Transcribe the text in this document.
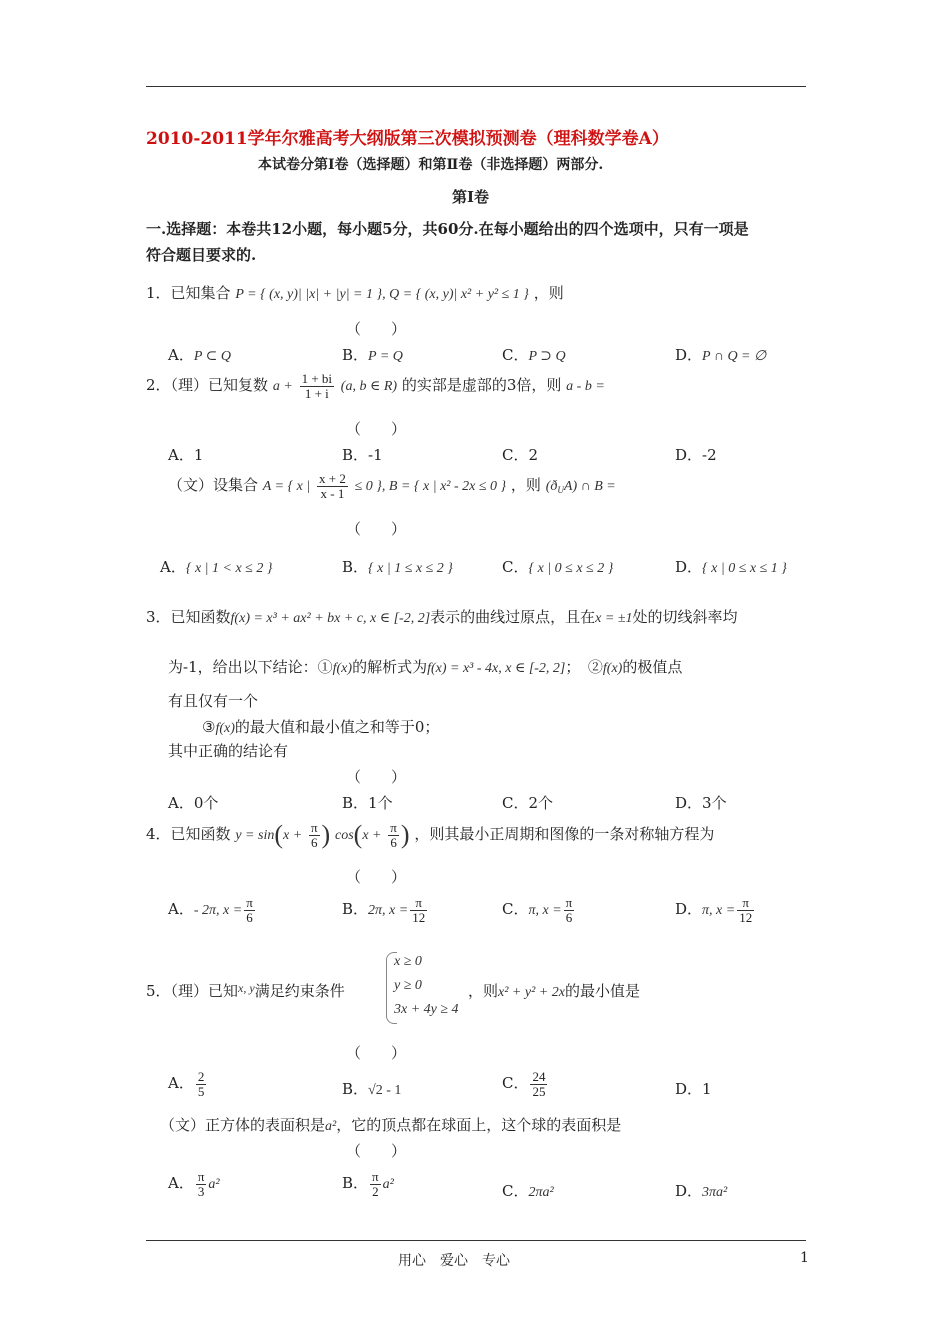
2010-2011学年尔雅高考大纲版第三次模拟预测卷（理科数学卷A）
本试卷分第Ⅰ卷（选择题）和第Ⅱ卷（非选择题）两部分.
第Ⅰ卷
一.选择题：本卷共12小题，每小题5分，共60分.在每小题给出的四个选项中，只有一项是
符合题目要求的.
1．已知集合 P = { (x, y)| |x| + |y| = 1 }, Q = { (x, y)| x² + y² ≤ 1 } ，则
（　　）
A．P ⊂ Q	B．P = Q	C．P ⊃ Q	D．P ∩ Q = ∅
2．（理）已知复数 $a + \frac{1 + bi}{1 + i} (a$, b ∈ R) 的实部是虚部的3倍，则 a - b =
（　　）
A．1	B．-1	C．2	D．-2
（文）设集合 A = { x | $\frac{x + 2}{x - 1} \le 0$ }, B = { x | x² - 2x ≤ 0 } ，则 $(ð_UA)$ ∩ B =
（　　）
A．{ x | 1 < x ≤ 2 }	B．{ x | 1 ≤ x ≤ 2 }	C．{ x | 0 ≤ x ≤ 2 }	D．{ x | 0 ≤ x ≤ 1 }
3．已知函数f(x) = x³ + ax² + bx + c, x ∈ [-2, 2]表示的曲线过原点，且在x = ±1处的切线斜率均
为-1，给出以下结论：①f(x)的解析式为f(x) = x³ - 4x, x ∈ [-2, 2]；　②f(x)的极值点
有且仅有一个
③f(x)的最大值和最小值之和等于0；
其中正确的结论有
（　　）
A．0个	B．1个	C．2个	D．3个
4．已知函数 $y = \sin(x + \frac{\pi}{6}$ ) $\cos(x + \frac{\pi}{6}$ ) ，则其最小正周期和图像的一条对称轴方程为
（　　）
A．- 2π, $x = \frac{\pi}{6}$	B．2π, $x = \frac{\pi}{12}$	C．π, $x = \frac{\pi}{6}$	D．π, $x = \frac{\pi}{12}$
x ≥ 0
y ≥ 0
3x + 4y ≥ 4
5．（理）已知$^{x, y}$满足约束条件	，则x² + y² + 2x的最小值是
（　　）
A． $\frac{2}{5}$	B．√2 - 1	C． $\frac{24}{25}$	D．1
（文）正方体的表面积是a²，它的顶点都在球面上，这个球的表面积是
（　　）
A． $\frac{\pi}{3} a^2$	B． $\frac{\pi}{2} a^2$	C．2πa²	D．3πa²
用心　爱心　专心	1
